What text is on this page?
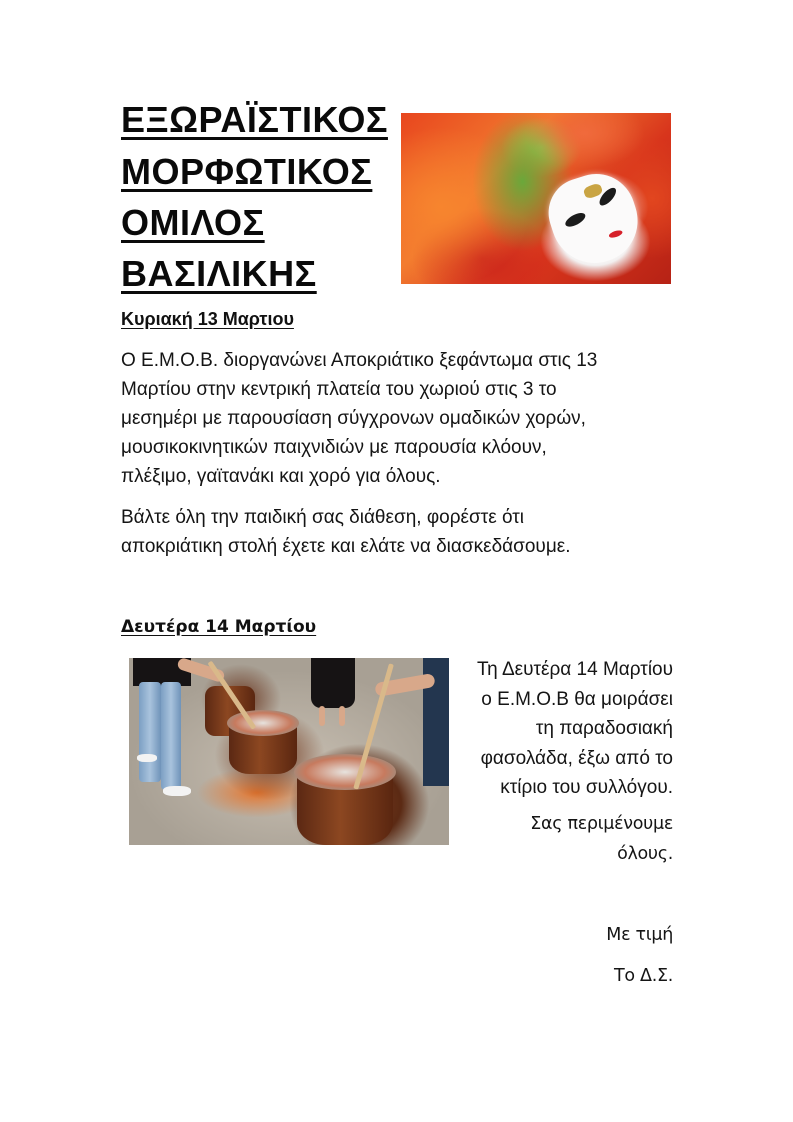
ΕΞΩΡΑΪΣΤΙΚΟΣ
ΜΟΡΦΩΤΙΚΟΣ
ΟΜΙΛΟΣ
ΒΑΣΙΛΙΚΗΣ
Κυριακή 13 Μαρτιου
Ο Ε.Μ.Ο.Β. διοργανώνει Αποκριάτικο ξεφάντωμα στις 13
Μαρτίου στην κεντρική πλατεία του χωριού στις 3 το
μεσημέρι με παρουσίαση σύγχρονων ομαδικών χορών,
μουσικοκινητικών παιχνιδιών με παρουσία κλόουν,
πλέξιμο, γαϊτανάκι και χορό για όλους.
Βάλτε όλη την παιδική σας διάθεση, φορέστε ότι
αποκριάτικη στολή έχετε και ελάτε να διασκεδάσουμε.
Δευτέρα 14 Μαρτίου
Τη Δευτέρα 14 Μαρτίου
ο Ε.Μ.Ο.Β θα μοιράσει
τη παραδοσιακή
φασολάδα, έξω από το
κτίριο του συλλόγου.
Σας περιμένουμε
όλους.
Με τιμή
Το Δ.Σ.
